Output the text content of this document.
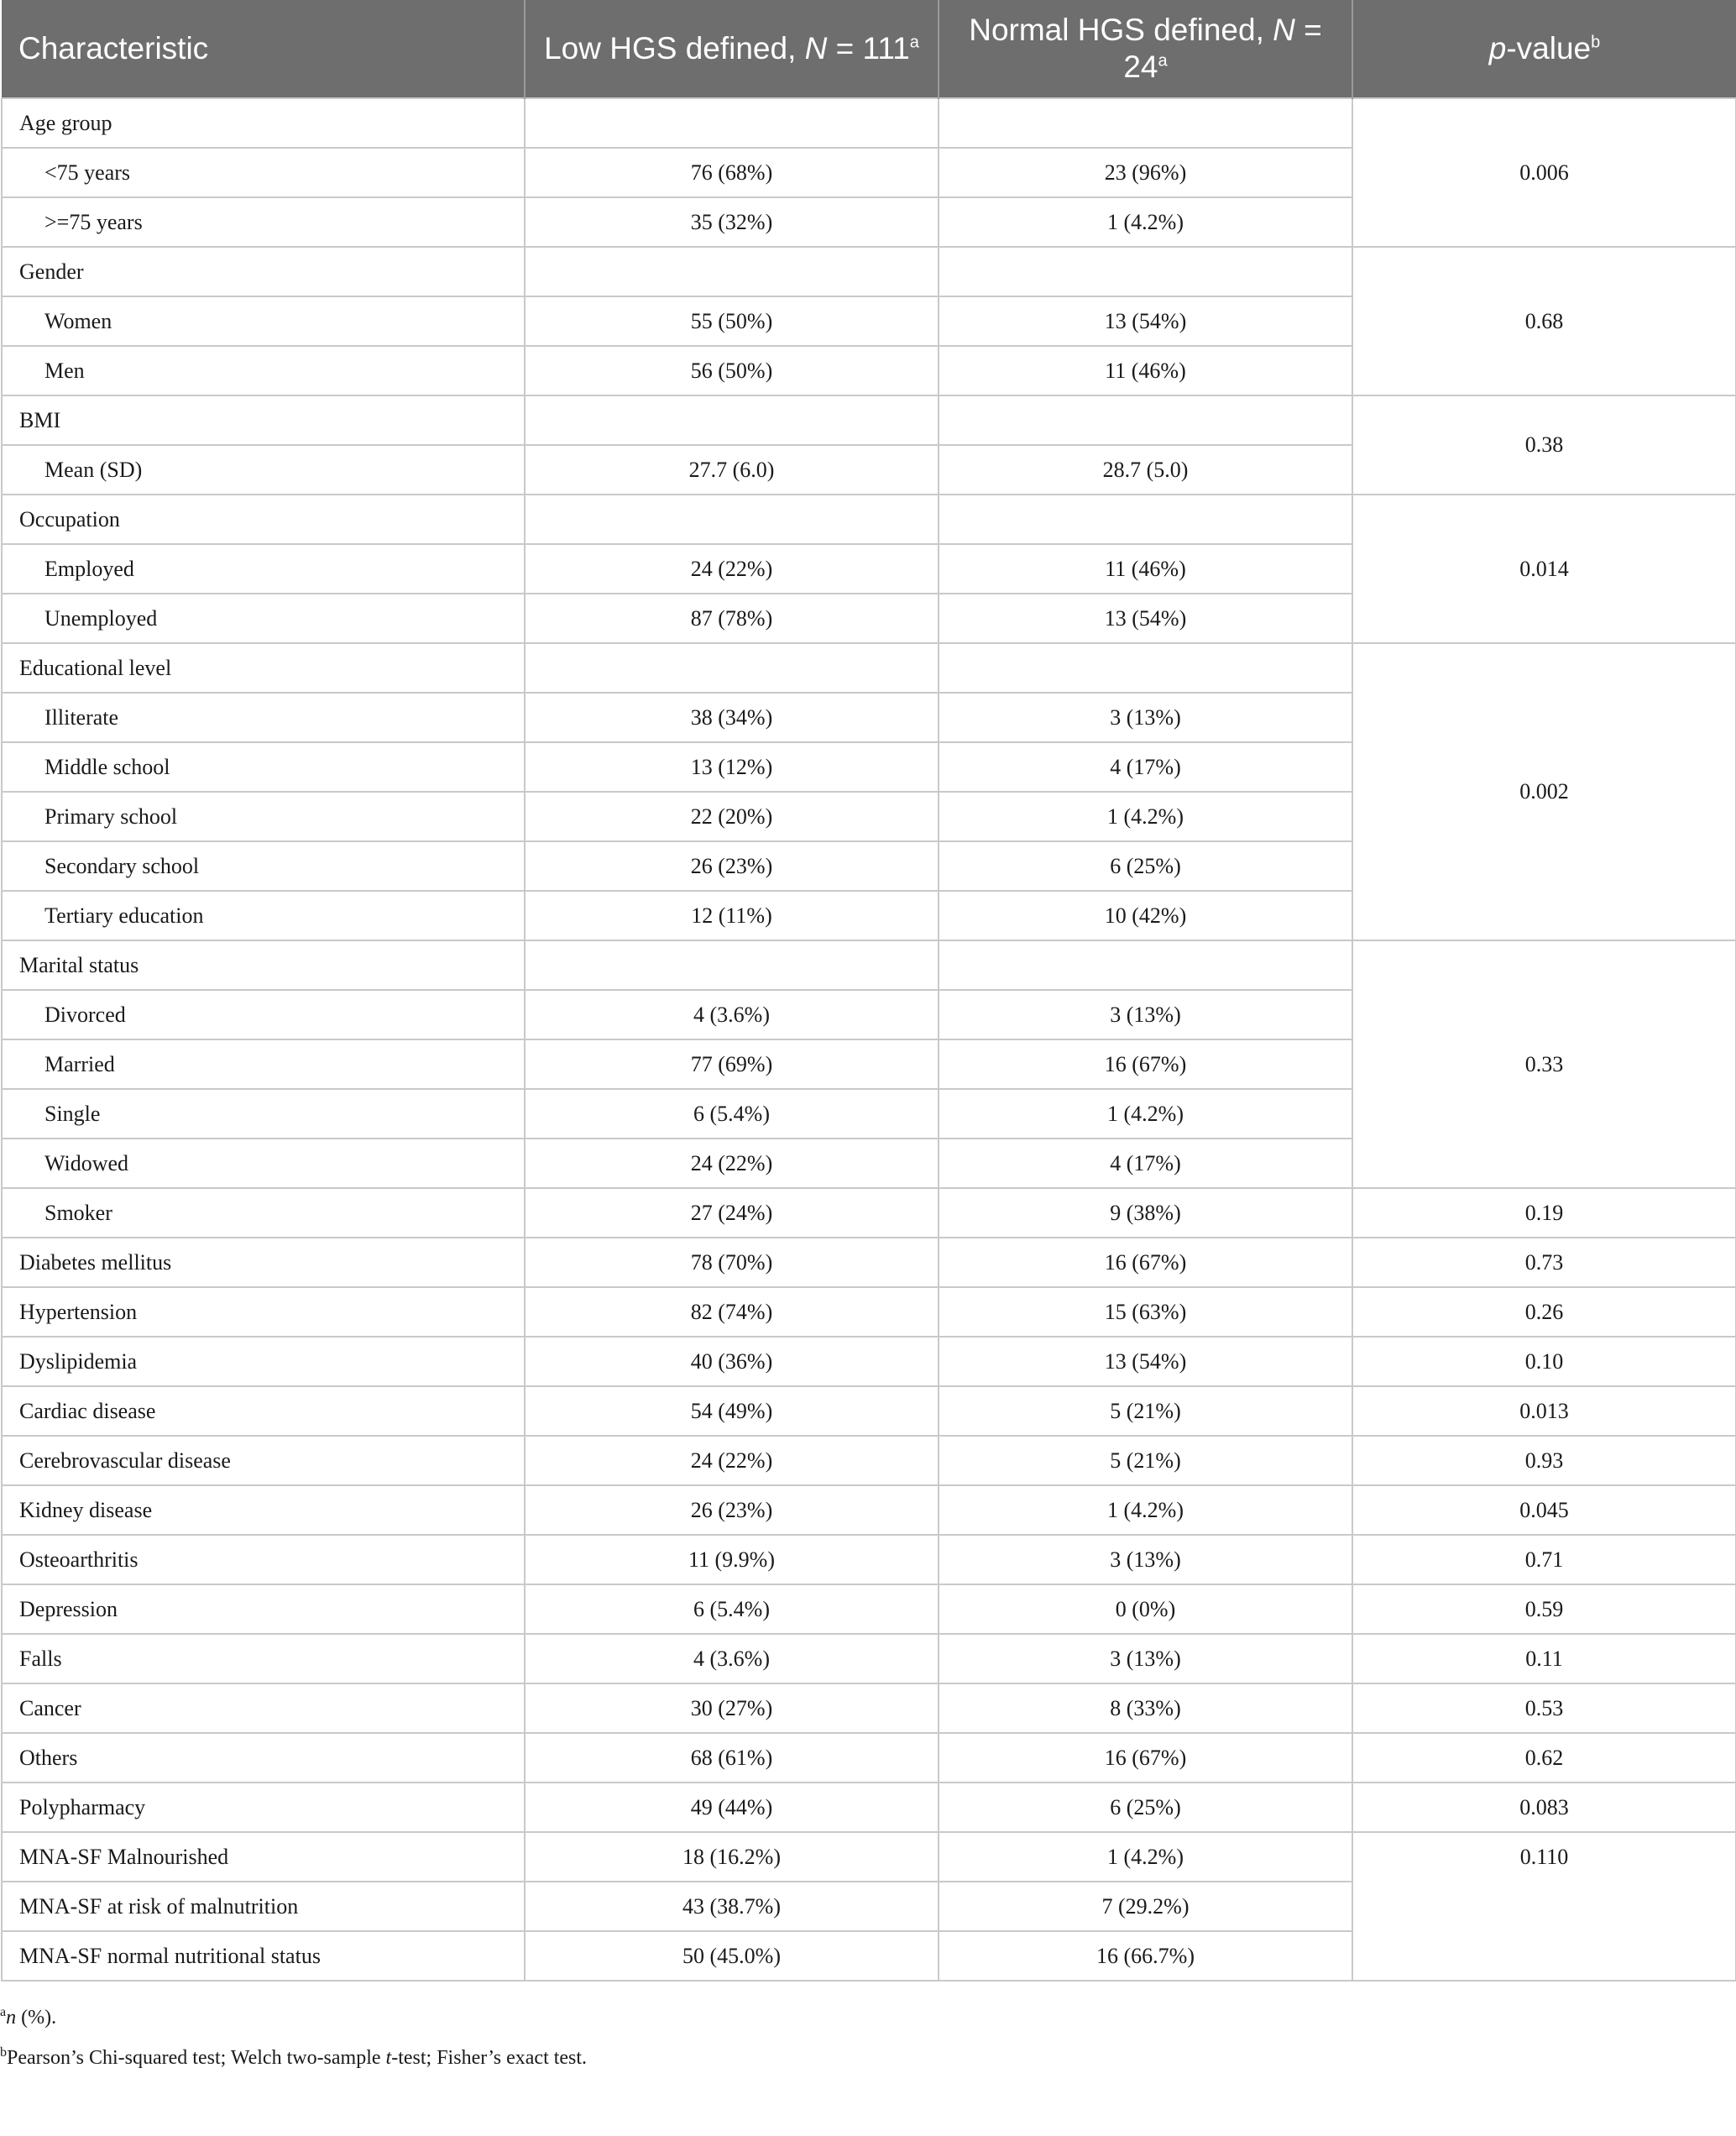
Characteristic	Low HGS defined, $N = 111^a$	Normal HGS defined, $N = 24^a$	p-value$^b$
Age group			0.006
<75 years	76 (68%)	23 (96%)	
>=75 years	35 (32%)	1 (4.2%)	
Gender			0.68
Women	55 (50%)	13 (54%)	
Men	56 (50%)	11 (46%)	
BMI			0.38
Mean (SD)	27.7 (6.0)	28.7 (5.0)	
Occupation			0.014
Employed	24 (22%)	11 (46%)	
Unemployed	87 (78%)	13 (54%)	
Educational level			0.002
Illiterate	38 (34%)	3 (13%)	
Middle school	13 (12%)	4 (17%)	
Primary school	22 (20%)	1 (4.2%)	
Secondary school	26 (23%)	6 (25%)	
Tertiary education	12 (11%)	10 (42%)	
Marital status			0.33
Divorced	4 (3.6%)	3 (13%)	
Married	77 (69%)	16 (67%)	
Single	6 (5.4%)	1 (4.2%)	
Widowed	24 (22%)	4 (17%)	
Smoker	27 (24%)	9 (38%)	0.19
Diabetes mellitus	78 (70%)	16 (67%)	0.73
Hypertension	82 (74%)	15 (63%)	0.26
Dyslipidemia	40 (36%)	13 (54%)	0.10
Cardiac disease	54 (49%)	5 (21%)	0.013
Cerebrovascular disease	24 (22%)	5 (21%)	0.93
Kidney disease	26 (23%)	1 (4.2%)	0.045
Osteoarthritis	11 (9.9%)	3 (13%)	0.71
Depression	6 (5.4%)	0 (0%)	0.59
Falls	4 (3.6%)	3 (13%)	0.11
Cancer	30 (27%)	8 (33%)	0.53
Others	68 (61%)	16 (67%)	0.62
Polypharmacy	49 (44%)	6 (25%)	0.083
MNA-SF Malnourished	18 (16.2%)	1 (4.2%)	0.110
MNA-SF at risk of malnutrition	43 (38.7%)	7 (29.2%)	
MNA-SF normal nutritional status	50 (45.0%)	16 (66.7%)	
$^a$n (%).
$^b$Pearson’s Chi-squared test; Welch two-sample t-test; Fisher’s exact test.
